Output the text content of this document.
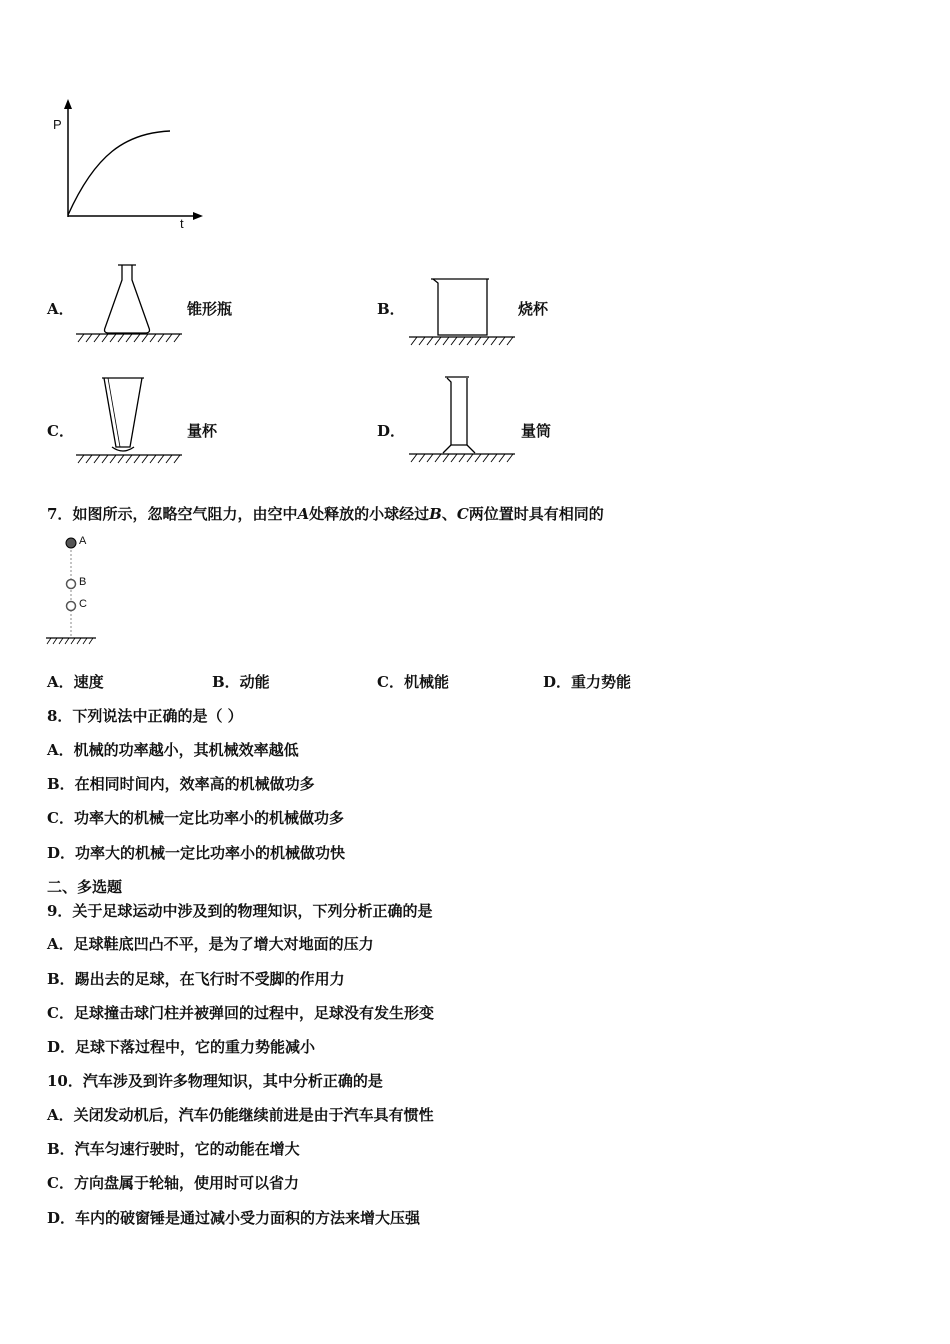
P
t
A．	锥形瓶	B．	烧杯
C．	量杯	D．	量筒
7．如图所示，忽略空气阻力，由空中A处释放的小球经过B、C两位置时具有相同的
A
B
C
A．速度	B．动能	C．机械能	D．重力势能
8．下列说法中正确的是（ ）
A．机械的功率越小，其机械效率越低
B．在相同时间内，效率高的机械做功多
C．功率大的机械一定比功率小的机械做功多
D．功率大的机械一定比功率小的机械做功快
二、多选题
9．关于足球运动中涉及到的物理知识，下列分析正确的是
A．足球鞋底凹凸不平，是为了增大对地面的压力
B．踢出去的足球，在飞行时不受脚的作用力
C．足球撞击球门柱并被弹回的过程中，足球没有发生形变
D．足球下落过程中，它的重力势能减小
10．汽车涉及到许多物理知识，其中分析正确的是
A．关闭发动机后，汽车仍能继续前进是由于汽车具有惯性
B．汽车匀速行驶时，它的动能在增大
C．方向盘属于轮轴，使用时可以省力
D．车内的破窗锤是通过减小受力面积的方法来增大压强
